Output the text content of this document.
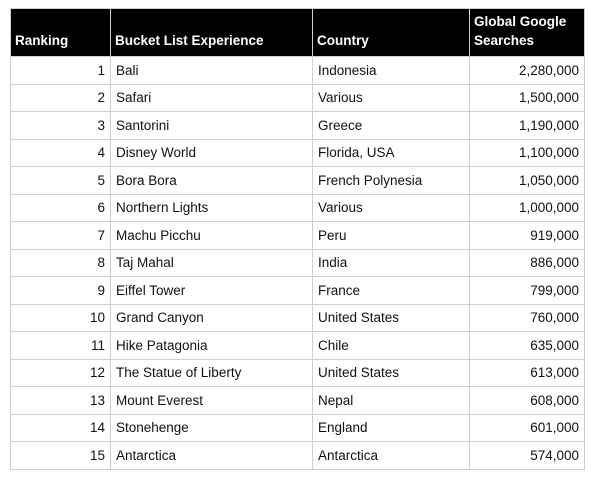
Ranking	Bucket List Experience	Country	Global Google
Searches
1	Bali	Indonesia	2,280,000
2	Safari	Various	1,500,000
3	Santorini	Greece	1,190,000
4	Disney World	Florida, USA	1,100,000
5	Bora Bora	French Polynesia	1,050,000
6	Northern Lights	Various	1,000,000
7	Machu Picchu	Peru	919,000
8	Taj Mahal	India	886,000
9	Eiffel Tower	France	799,000
10	Grand Canyon	United States	760,000
11	Hike Patagonia	Chile	635,000
12	The Statue of Liberty	United States	613,000
13	Mount Everest	Nepal	608,000
14	Stonehenge	England	601,000
15	Antarctica	Antarctica	574,000
